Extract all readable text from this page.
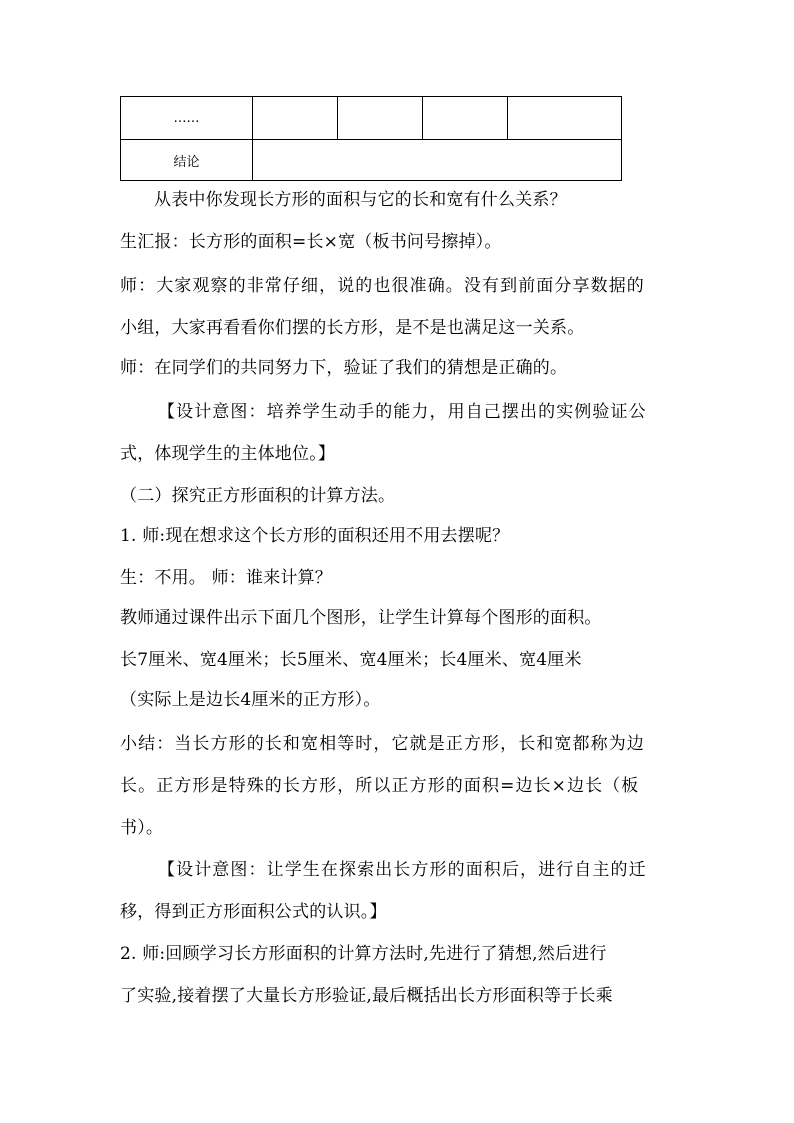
……				
结论				
从表中你发现长方形的面积与它的长和宽有什么关系？
生汇报：长方形的面积=长×宽（板书问号擦掉）。
师：大家观察的非常仔细，说的也很准确。没有到前面分享数据的
小组，大家再看看你们摆的长方形，是不是也满足这一关系。
师：在同学们的共同努力下，验证了我们的猜想是正确的。
【设计意图：培养学生动手的能力，用自己摆出的实例验证公
式，体现学生的主体地位。】
（二）探究正方形面积的计算方法。
1. 师:现在想求这个长方形的面积还用不用去摆呢？
生：不用。 师：谁来计算？
教师通过课件出示下面几个图形，让学生计算每个图形的面积。
长7厘米、宽4厘米；长5厘米、宽4厘米；长4厘米、宽4厘米
（实际上是边长4厘米的正方形）。
小结：当长方形的长和宽相等时，它就是正方形，长和宽都称为边
长。正方形是特殊的长方形，所以正方形的面积=边长×边长（板
书）。
【设计意图：让学生在探索出长方形的面积后，进行自主的迁
移，得到正方形面积公式的认识。】
2. 师:回顾学习长方形面积的计算方法时,先进行了猜想,然后进行
了实验,接着摆了大量长方形验证,最后概括出长方形面积等于长乘
